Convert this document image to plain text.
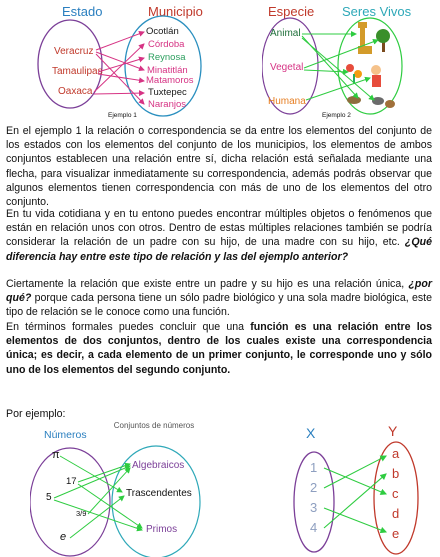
Estado	Municipio
Veracruz
Tamaulipas
Oaxaca
Ocotlán
Córdoba
Reynosa
Minatitlán
Matamoros
Tuxtepec
Naranjos
Ejemplo 1
Especie Seres Vivos
Animal
Vegetal
Humana
Ejemplo 2

En el ejemplo 1 la relación o correspondencia se da entre los elementos del conjunto de los estados con los elementos del conjunto de los municipios, los elementos de ambos conjuntos establecen una relación entre sí, dicha relación está señalada mediante una flecha, para visualizar inmediatamente su correspondencia, además podrás observar que algunos elementos tienen correspondencia con más de uno de los elementos del otro conjunto.

En tu vida cotidiana y en tu entono puedes encontrar múltiples objetos o fenómenos que están en relación unos con otros. Dentro de estas múltiples relaciones también se podría considerar la relación de un padre con su hijo, de una madre con su hijo, etc. ¿Qué diferencia hay entre este tipo de relación y las del ejemplo anterior?

Ciertamente la relación que existe entre un padre y su hijo es una relación única, ¿por qué? porque cada persona tiene un sólo padre biológico y una sola madre biológica, este tipo de relación se le conoce como una función.

En términos formales puedes concluir que una función es una relación entre los elementos de dos conjuntos, dentro de los cuales existe una correspondencia única; es decir, a cada elemento de un primer conjunto, le corresponde uno y sólo uno de los elementos del segundo conjunto.

Por ejemplo:

Números
Conjuntos de números
π
17
5
3/9
e
Algebraicos
Trascendentes
Primos
X	Y
1
2
3
4
a
b
c
d
e
